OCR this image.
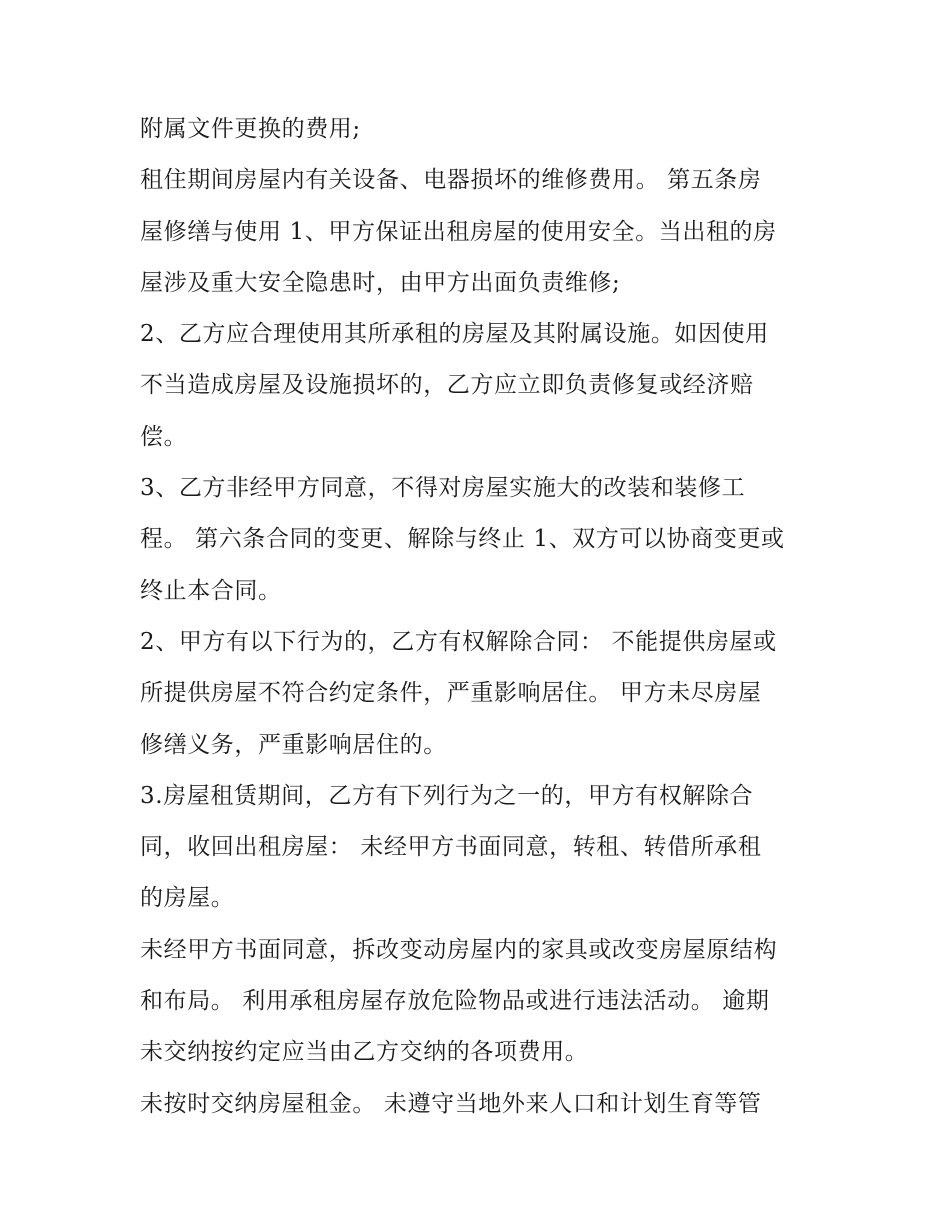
附属文件更换的费用;
租住期间房屋内有关设备、电器损坏的维修费用。 第五条房
屋修缮与使用 1、甲方保证出租房屋的使用安全。当出租的房
屋涉及重大安全隐患时，由甲方出面负责维修;
2、乙方应合理使用其所承租的房屋及其附属设施。如因使用
不当造成房屋及设施损坏的，乙方应立即负责修复或经济赔
偿。
3、乙方非经甲方同意，不得对房屋实施大的改装和装修工
程。 第六条合同的变更、解除与终止 1、双方可以协商变更或
终止本合同。
2、甲方有以下行为的，乙方有权解除合同： 不能提供房屋或
所提供房屋不符合约定条件，严重影响居住。 甲方未尽房屋
修缮义务，严重影响居住的。
3.房屋租赁期间，乙方有下列行为之一的，甲方有权解除合
同，收回出租房屋： 未经甲方书面同意，转租、转借所承租
的房屋。
未经甲方书面同意，拆改变动房屋内的家具或改变房屋原结构
和布局。 利用承租房屋存放危险物品或进行违法活动。 逾期
未交纳按约定应当由乙方交纳的各项费用。
未按时交纳房屋租金。 未遵守当地外来人口和计划生育等管
